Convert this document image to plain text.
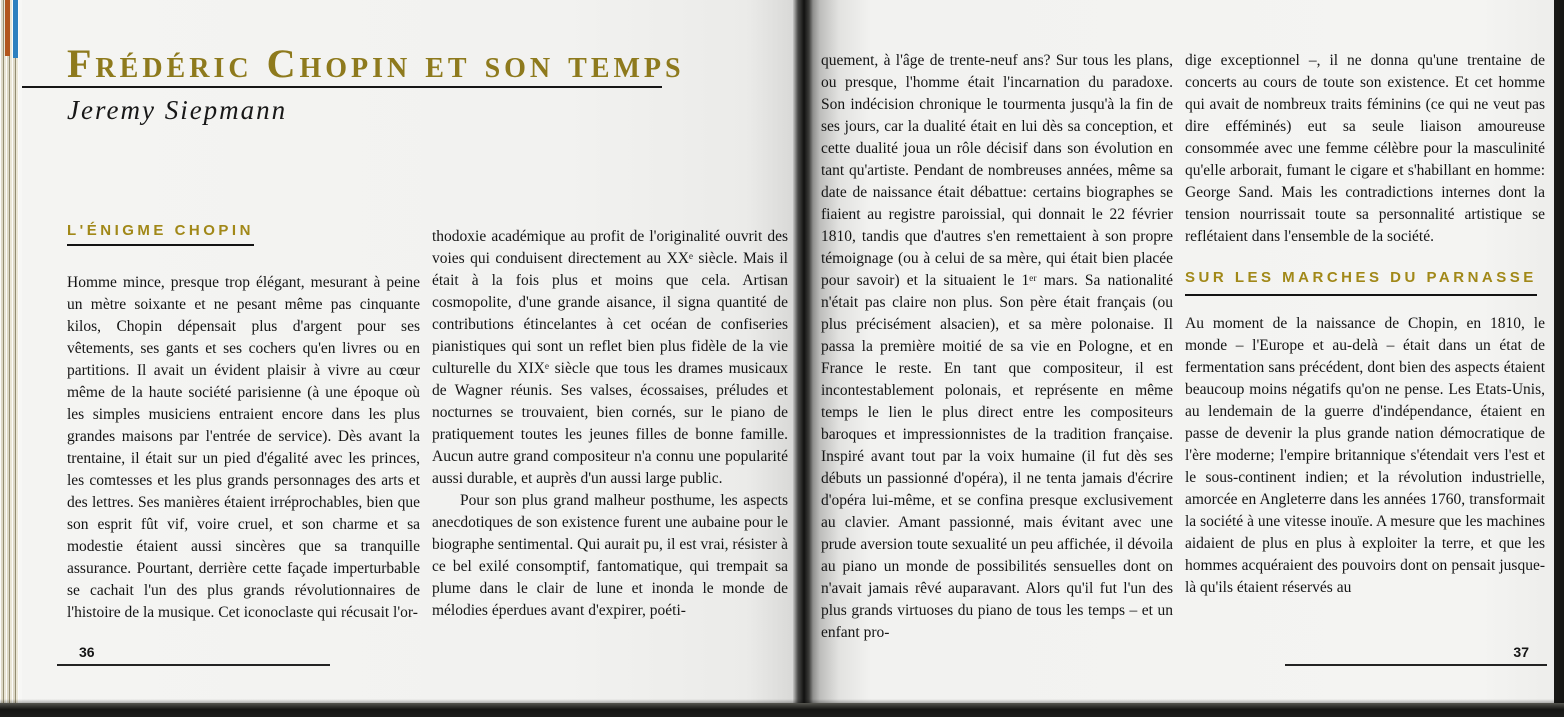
Frédéric Chopin et son temps
Jeremy Siepmann
L'ÉNIGME CHOPIN

Homme mince, presque trop élégant, mesurant à peine un mètre soixante et ne pesant même pas cinquante kilos, Chopin dépensait plus d'argent pour ses vêtements, ses gants et ses cochers qu'en livres ou en partitions. Il avait un évident plaisir à vivre au cœur même de la haute société parisienne (à une époque où les simples musiciens entraient encore dans les plus grandes maisons par l'entrée de service). Dès avant la trentaine, il était sur un pied d'égalité avec les princes, les comtesses et les plus grands personnages des arts et des lettres. Ses manières étaient irréprochables, bien que son esprit fût vif, voire cruel, et son charme et sa modestie étaient aussi sincères que sa tranquille assurance. Pourtant, derrière cette façade imperturbable se cachait l'un des plus grands révolutionnaires de l'histoire de la musique. Cet iconoclaste qui récusait l'or-

thodoxie académique au profit de l'originalité ouvrit des voies qui conduisent directement au XXᵉ siècle. Mais il était à la fois plus et moins que cela. Artisan cosmopolite, d'une grande aisance, il signa quantité de contributions étincelantes à cet océan de confiseries pianistiques qui sont un reflet bien plus fidèle de la vie culturelle du XIXᵉ siècle que tous les drames musicaux de Wagner réunis. Ses valses, écossaises, préludes et nocturnes se trouvaient, bien cornés, sur le piano de pratiquement toutes les jeunes filles de bonne famille. Aucun autre grand compositeur n'a connu une popularité aussi durable, et auprès d'un aussi large public.

Pour son plus grand malheur posthume, les aspects anecdotiques de son existence furent une aubaine pour le biographe sentimental. Qui aurait pu, il est vrai, résister à ce bel exilé consomptif, fantomatique, qui trempait sa plume dans le clair de lune et inonda le monde de mélodies éperdues avant d'expirer, poéti-

36

quement, à l'âge de trente-neuf ans? Sur tous les plans, ou presque, l'homme était l'incarnation du paradoxe. Son indécision chronique le tourmenta jusqu'à la fin de ses jours, car la dualité était en lui dès sa conception, et cette dualité joua un rôle décisif dans son évolution en tant qu'artiste. Pendant de nombreuses années, même sa date de naissance était débattue: certains biographes se fiaient au registre paroissial, qui donnait le 22 février 1810, tandis que d'autres s'en remettaient à son propre témoignage (ou à celui de sa mère, qui était bien placée pour savoir) et la situaient le 1ᵉʳ mars. Sa nationalité n'était pas claire non plus. Son père était français (ou plus précisément alsacien), et sa mère polonaise. Il passa la première moitié de sa vie en Pologne, et en France le reste. En tant que compositeur, il est incontestablement polonais, et représente en même temps le lien le plus direct entre les compositeurs baroques et impressionnistes de la tradition française. Inspiré avant tout par la voix humaine (il fut dès ses débuts un passionné d'opéra), il ne tenta jamais d'écrire d'opéra lui-même, et se confina presque exclusivement au clavier. Amant passionné, mais évitant avec une prude aversion toute sexualité un peu affichée, il dévoila au piano un monde de possibilités sensuelles dont on n'avait jamais rêvé auparavant. Alors qu'il fut l'un des plus grands virtuoses du piano de tous les temps – et un enfant pro-

dige exceptionnel –, il ne donna qu'une trentaine de concerts au cours de toute son existence. Et cet homme qui avait de nombreux traits féminins (ce qui ne veut pas dire efféminés) eut sa seule liaison amoureuse consommée avec une femme célèbre pour la masculinité qu'elle arborait, fumant le cigare et s'habillant en homme: George Sand. Mais les contradictions internes dont la tension nourrissait toute sa personnalité artistique se reflétaient dans l'ensemble de la société.

SUR LES MARCHES DU PARNASSE

Au moment de la naissance de Chopin, en 1810, le monde – l'Europe et au-delà – était dans un état de fermentation sans précédent, dont bien des aspects étaient beaucoup moins négatifs qu'on ne pense. Les Etats-Unis, au lendemain de la guerre d'indépendance, étaient en passe de devenir la plus grande nation démocratique de l'ère moderne; l'empire britannique s'étendait vers l'est et le sous-continent indien; et la révolution industrielle, amorcée en Angleterre dans les années 1760, transformait la société à une vitesse inouïe. A mesure que les machines aidaient de plus en plus à exploiter la terre, et que les hommes acquéraient des pouvoirs dont on pensait jusque-là qu'ils étaient réservés au

37
